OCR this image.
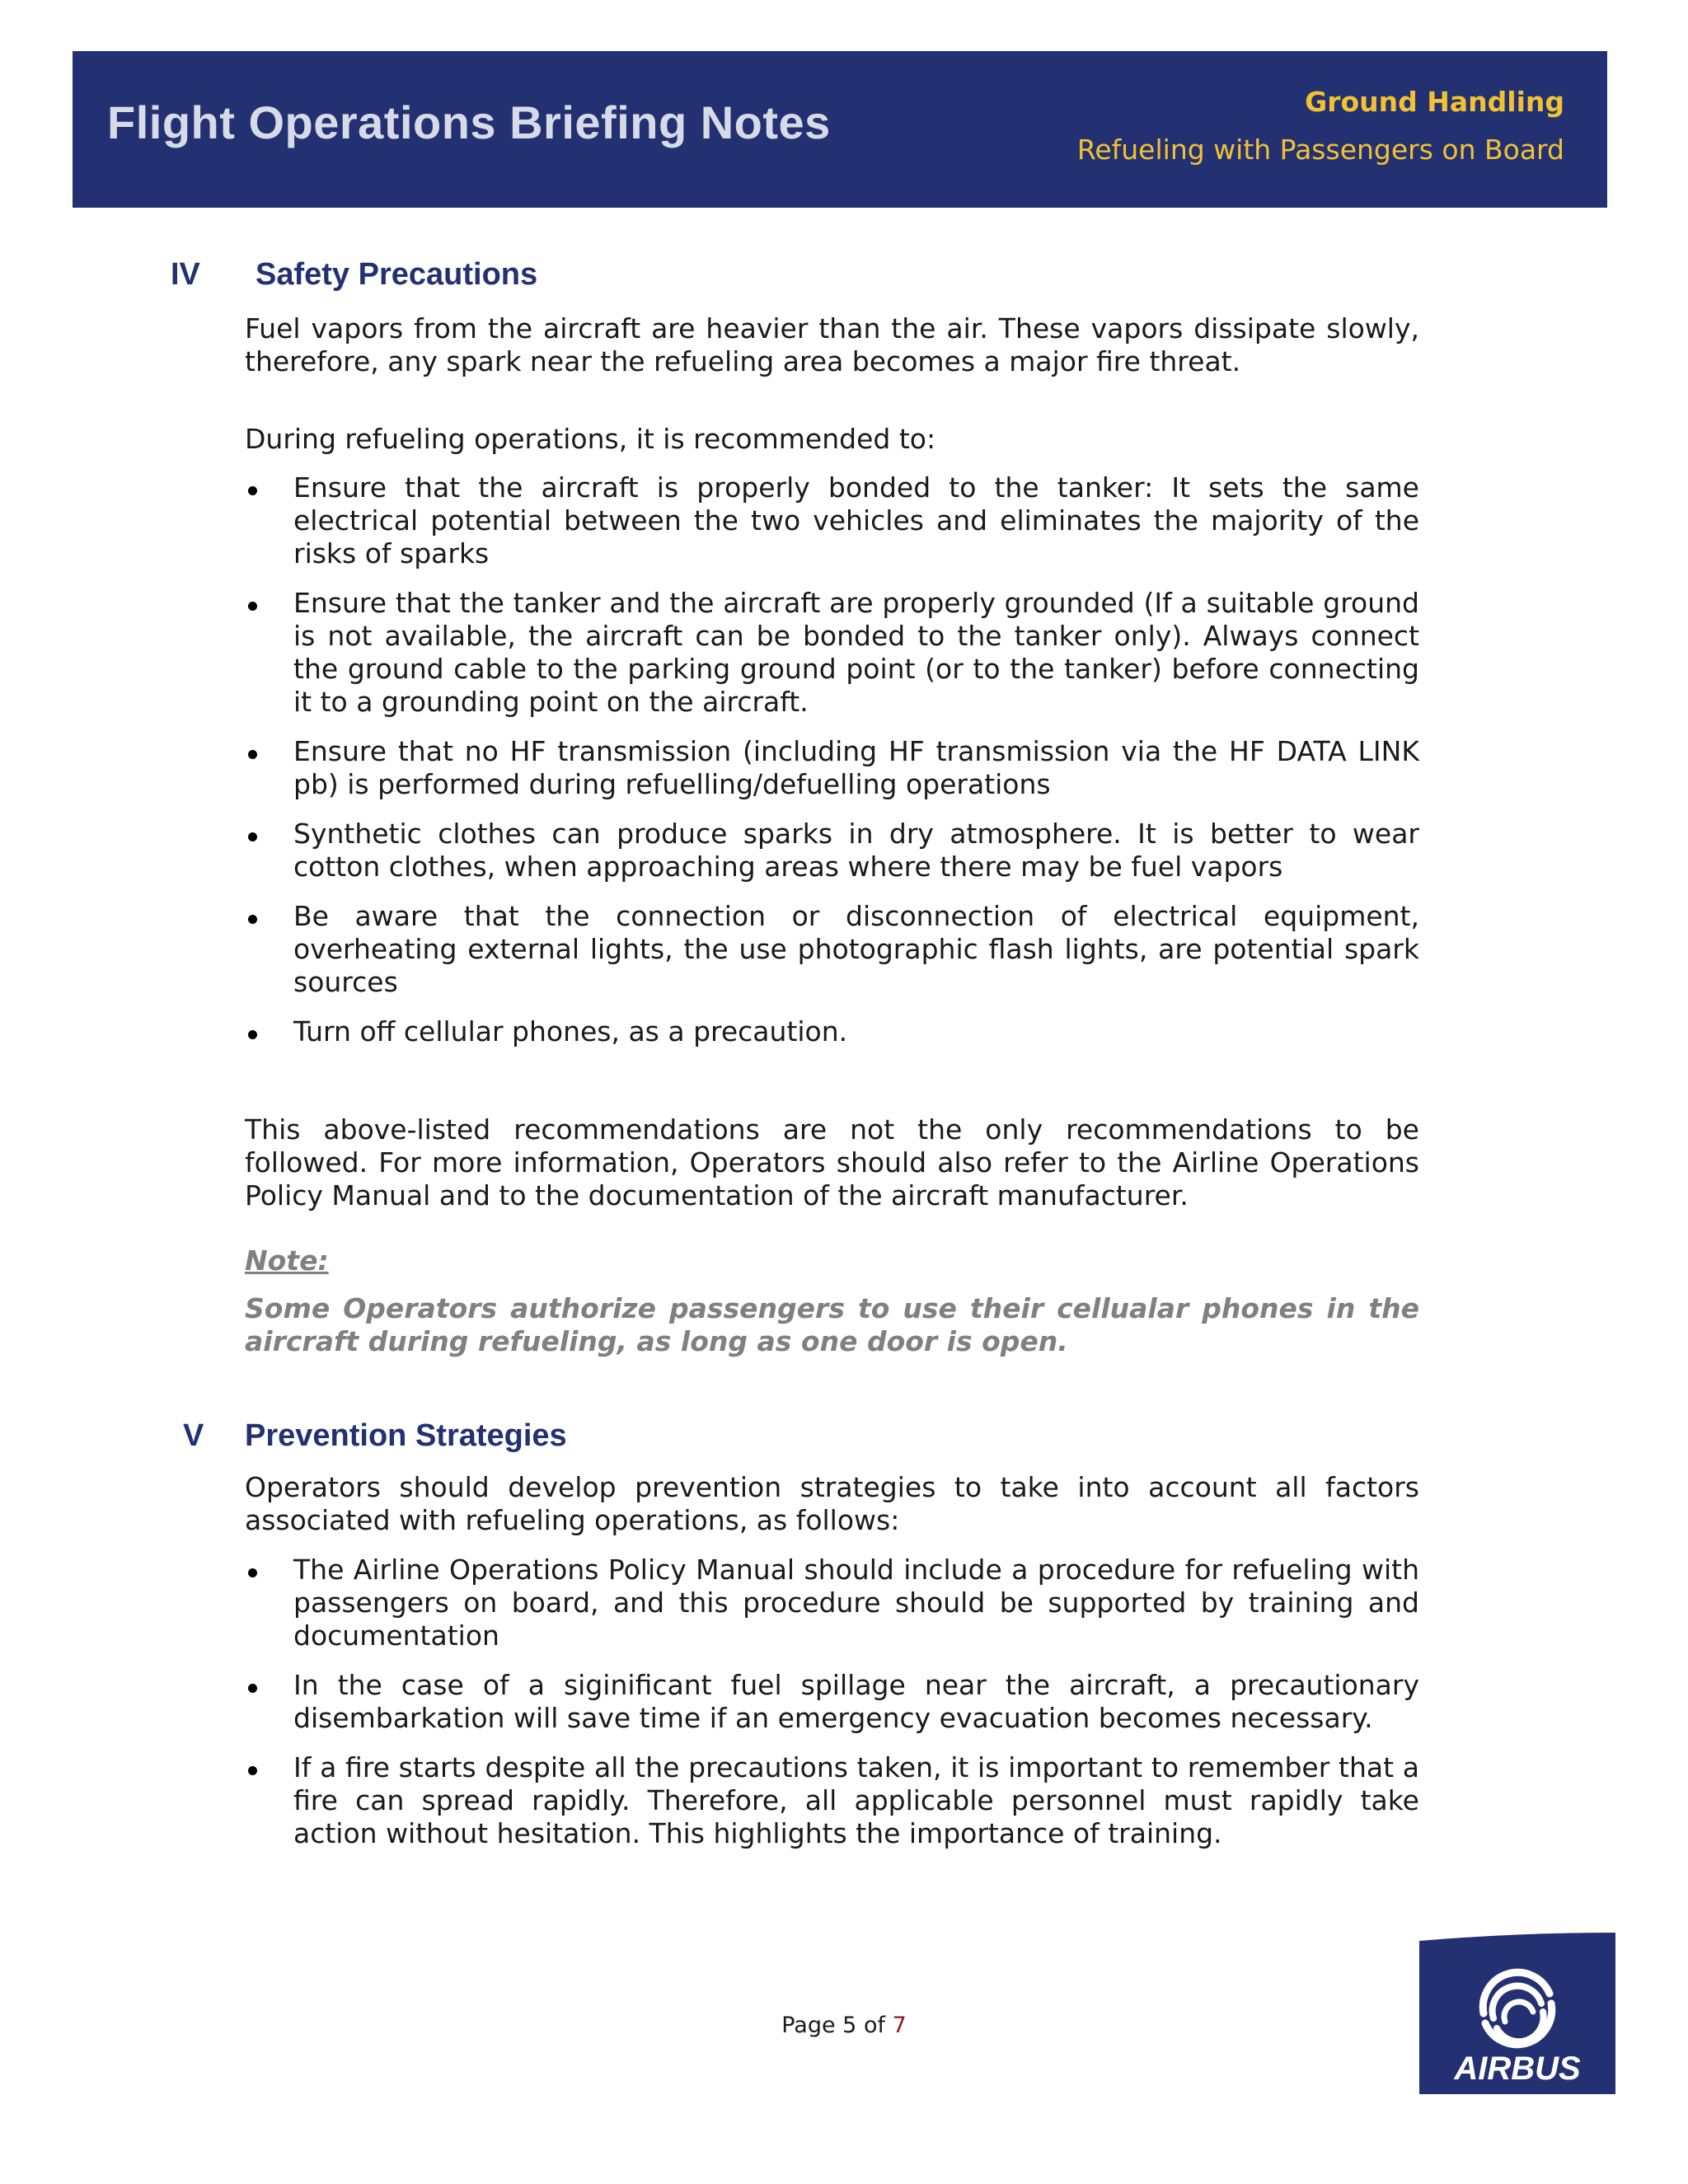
Flight Operations Briefing Notes	Ground Handling
Refueling with Passengers on Board
IV Safety Precautions

Fuel vapors from the aircraft are heavier than the air. These vapors dissipate slowly, therefore, any spark near the refueling area becomes a major fire threat.

During refueling operations, it is recommended to:

Ensure that the aircraft is properly bonded to the tanker: It sets the same electrical potential between the two vehicles and eliminates the majority of the risks of sparks
Ensure that the tanker and the aircraft are properly grounded (If a suitable ground is not available, the aircraft can be bonded to the tanker only). Always connect the ground cable to the parking ground point (or to the tanker) before connecting it to a grounding point on the aircraft.
Ensure that no HF transmission (including HF transmission via the HF DATA LINK pb) is performed during refuelling/defuelling operations
Synthetic clothes can produce sparks in dry atmosphere. It is better to wear cotton clothes, when approaching areas where there may be fuel vapors
Be aware that the connection or disconnection of electrical equipment, overheating external lights, the use photographic flash lights, are potential spark sources
Turn off cellular phones, as a precaution.

This above-listed recommendations are not the only recommendations to be followed. For more information, Operators should also refer to the Airline Operations Policy Manual and to the documentation of the aircraft manufacturer.

Note:

Some Operators authorize passengers to use their cellualar phones in the aircraft during refueling, as long as one door is open.

V Prevention Strategies

Operators should develop prevention strategies to take into account all factors associated with refueling operations, as follows:

The Airline Operations Policy Manual should include a procedure for refueling with passengers on board, and this procedure should be supported by training and documentation
In the case of a siginificant fuel spillage near the aircraft, a precautionary disembarkation will save time if an emergency evacuation becomes necessary.
If a fire starts despite all the precautions taken, it is important to remember that a fire can spread rapidly. Therefore, all applicable personnel must rapidly take action without hesitation. This highlights the importance of training.
Page 5 of 7
AIRBUS
